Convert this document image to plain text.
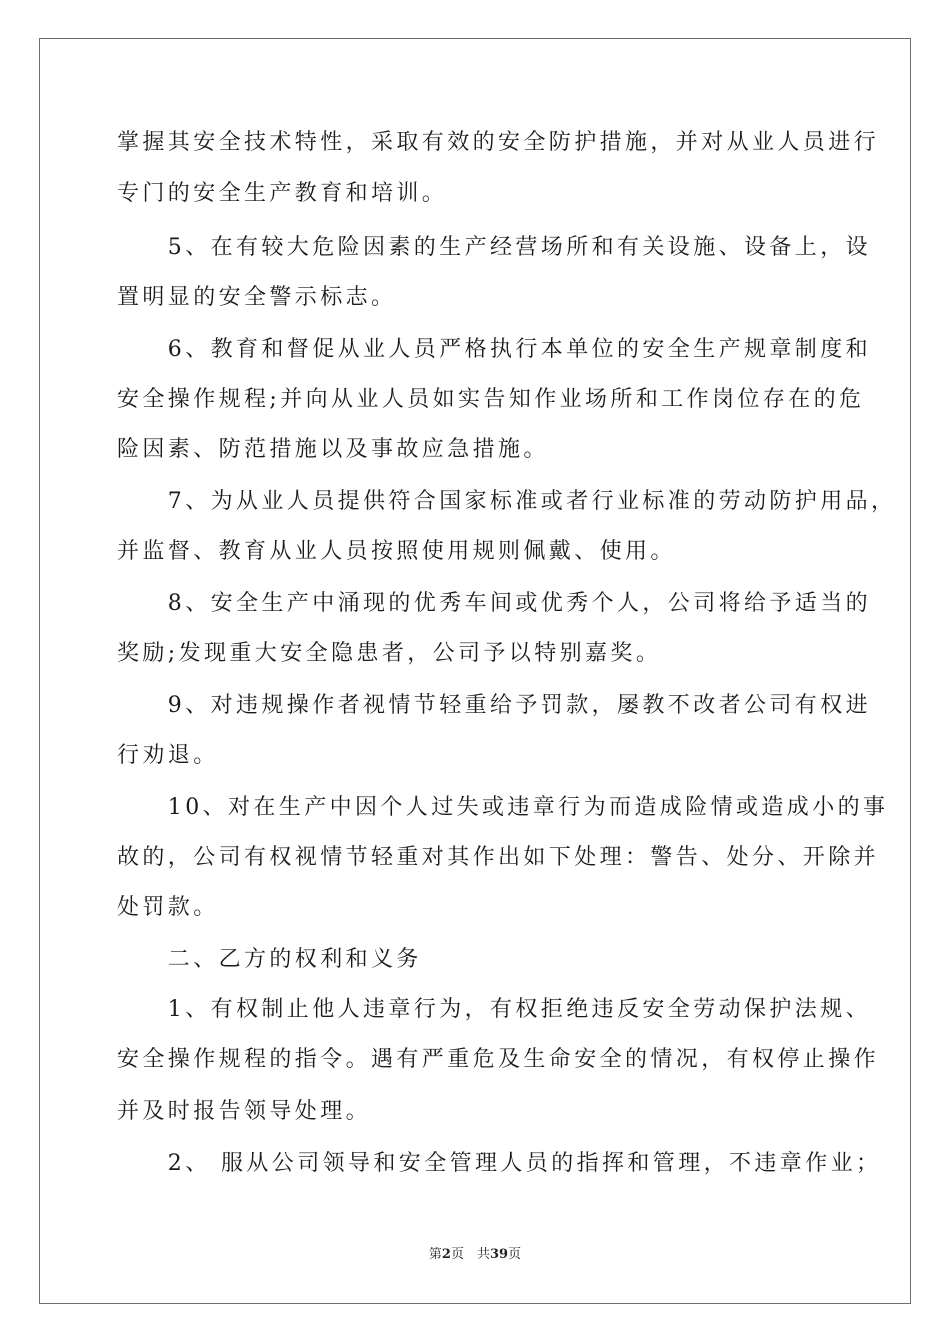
掌握其安全技术特性，采取有效的安全防护措施，并对从业人员进行
专门的安全生产教育和培训。
　　5、在有较大危险因素的生产经营场所和有关设施、设备上，设
置明显的安全警示标志。
　　6、教育和督促从业人员严格执行本单位的安全生产规章制度和
安全操作规程;并向从业人员如实告知作业场所和工作岗位存在的危
险因素、防范措施以及事故应急措施。
　　7、为从业人员提供符合国家标准或者行业标准的劳动防护用品，
并监督、教育从业人员按照使用规则佩戴、使用。
　　8、安全生产中涌现的优秀车间或优秀个人，公司将给予适当的
奖励;发现重大安全隐患者，公司予以特别嘉奖。
　　9、对违规操作者视情节轻重给予罚款，屡教不改者公司有权进
行劝退。
　　10、对在生产中因个人过失或违章行为而造成险情或造成小的事
故的，公司有权视情节轻重对其作出如下处理：警告、处分、开除并
处罚款。
　　二、乙方的权利和义务
　　1、有权制止他人违章行为，有权拒绝违反安全劳动保护法规、
安全操作规程的指令。遇有严重危及生命安全的情况，有权停止操作
并及时报告领导处理。
　　2、 服从公司领导和安全管理人员的指挥和管理，不违章作业；
第2页　共39页
